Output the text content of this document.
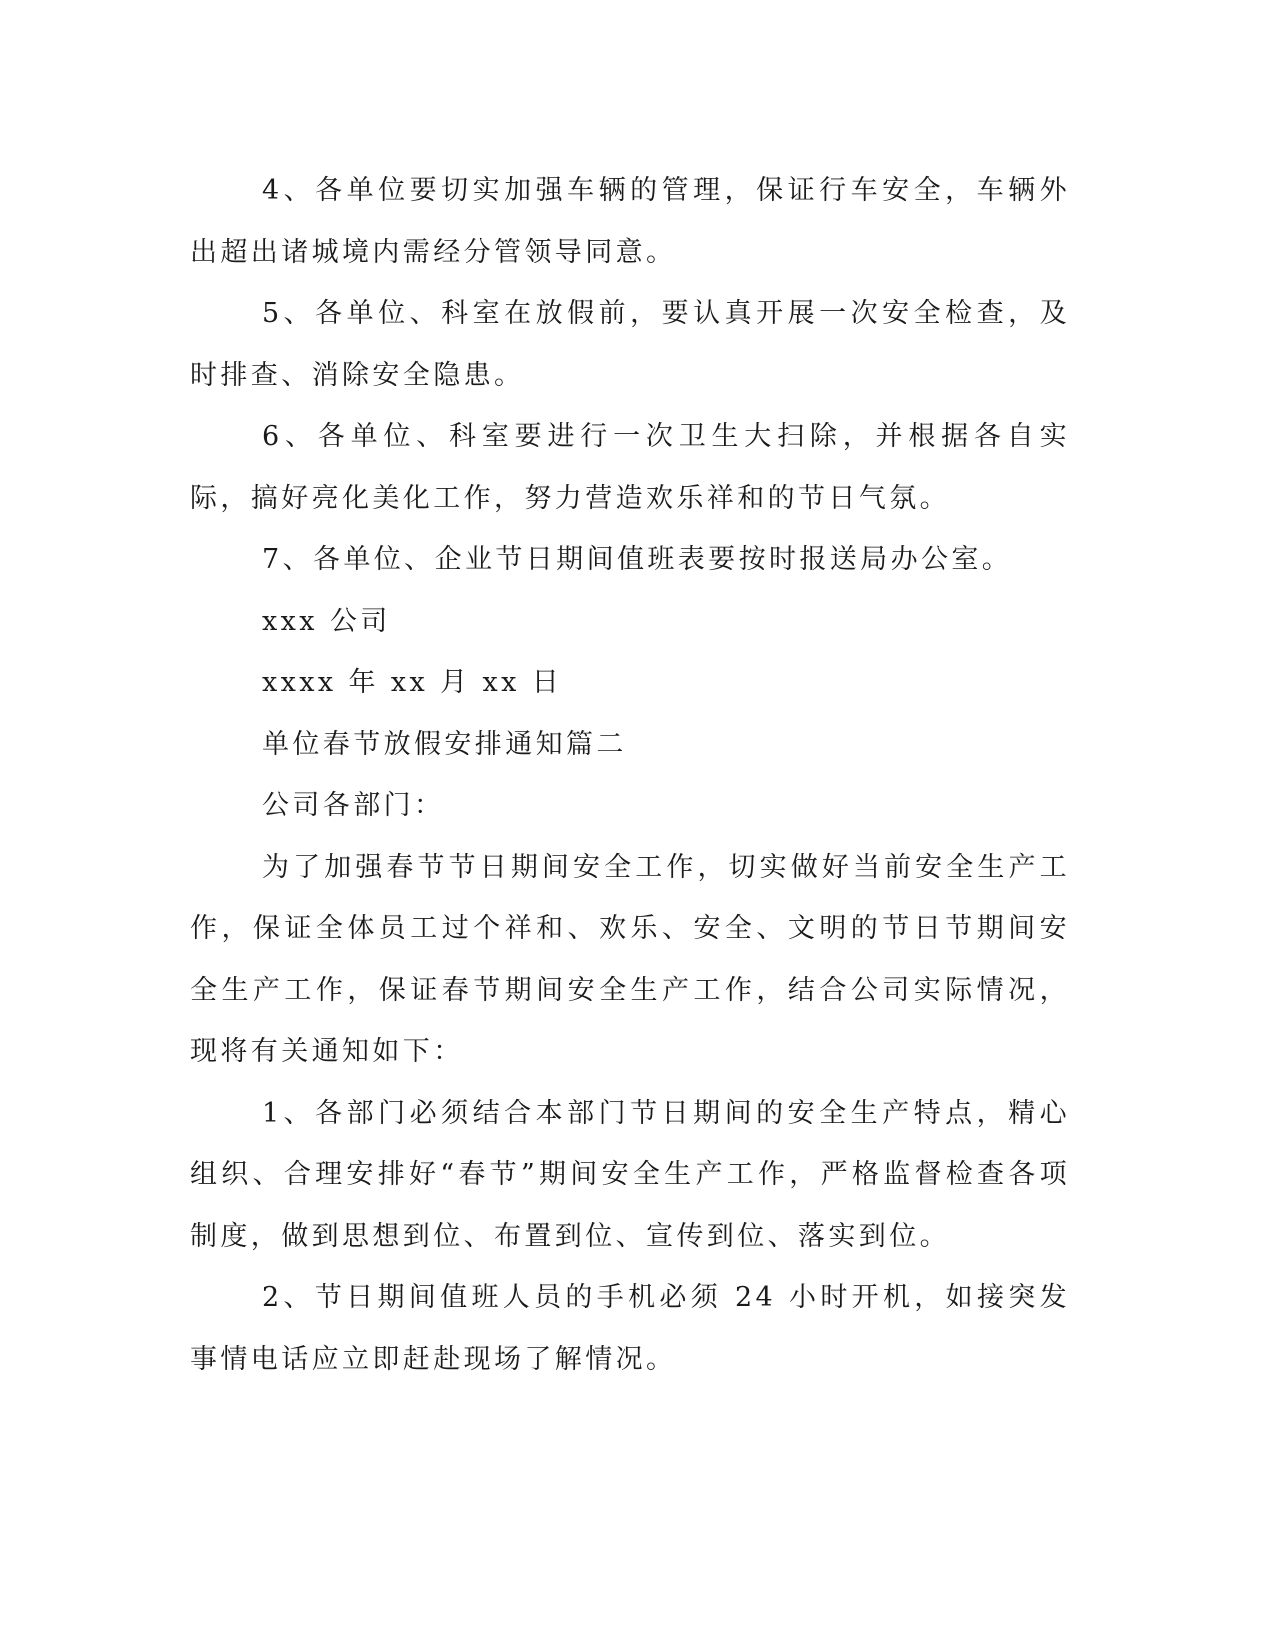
4、各单位要切实加强车辆的管理，保证行车安全，车辆外出超出诸城境内需经分管领导同意。

5、各单位、科室在放假前，要认真开展一次安全检查，及时排查、消除安全隐患。

6、各单位、科室要进行一次卫生大扫除，并根据各自实际，搞好亮化美化工作，努力营造欢乐祥和的节日气氛。

7、各单位、企业节日期间值班表要按时报送局办公室。

xxx 公司

xxxx 年 xx 月 xx 日

单位春节放假安排通知篇二

公司各部门：

为了加强春节节日期间安全工作，切实做好当前安全生产工作，保证全体员工过个祥和、欢乐、安全、文明的节日节期间安全生产工作，保证春节期间安全生产工作，结合公司实际情况，现将有关通知如下：

1、各部门必须结合本部门节日期间的安全生产特点，精心组织、合理安排好“春节”期间安全生产工作，严格监督检查各项制度，做到思想到位、布置到位、宣传到位、落实到位。

2、节日期间值班人员的手机必须 24 小时开机，如接突发事情电话应立即赶赴现场了解情况。
